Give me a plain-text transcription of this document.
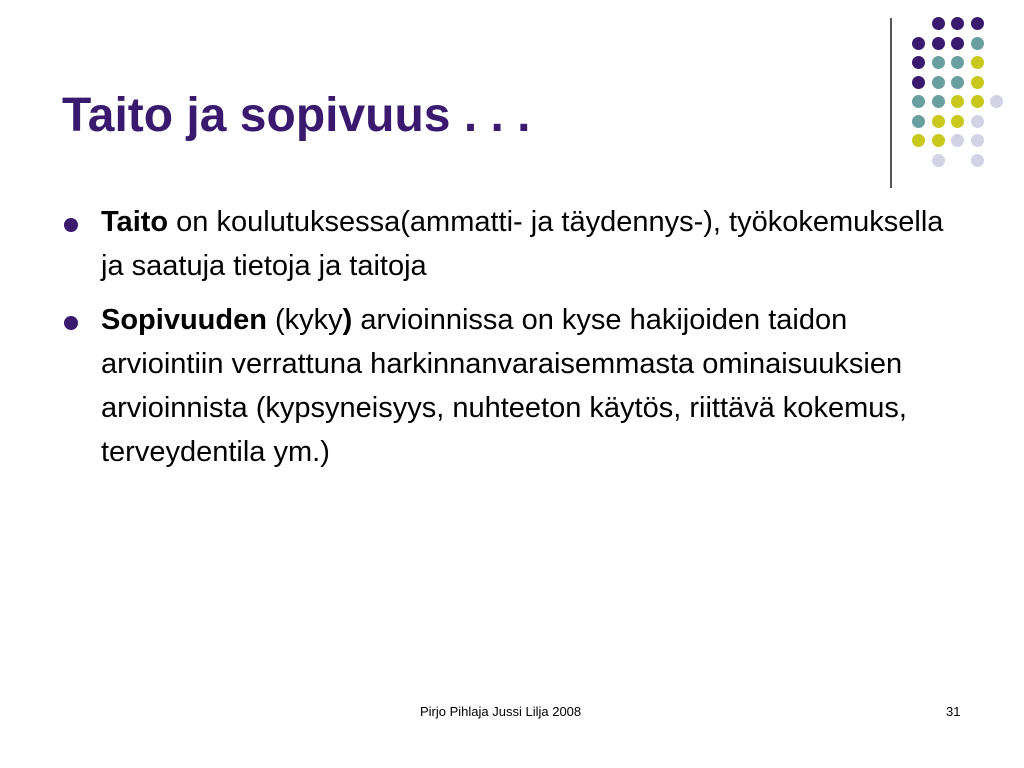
Taito ja sopivuus . . .
Taito on koulutuksessa(ammatti- ja täydennys-), työkokemuksella ja saatuja tietoja ja taitoja
Sopivuuden (kyky) arvioinnissa on kyse hakijoiden taidon arviointiin verrattuna harkinnanvaraisemmasta ominaisuuksien arvioinnista (kypsyneisyys, nuhteeton käytös, riittävä kokemus, terveydentila ym.)
Pirjo Pihlaja Jussi Lilja 2008	31
